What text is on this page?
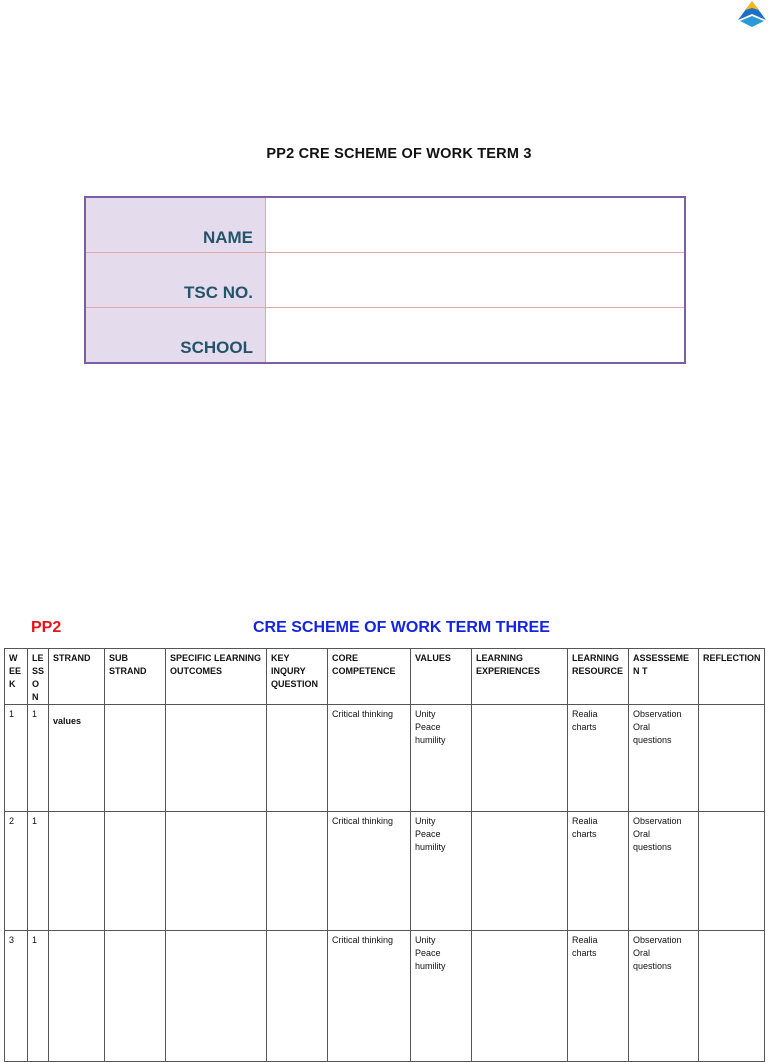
PP2 CRE SCHEME OF WORK TERM 3
NAME	
TSC NO.	
SCHOOL	
PP2	CRE SCHEME OF WORK TERM THREE
W EE K	LE SS O N	STRAND	SUB STRAND	SPECIFIC LEARNING OUTCOMES	KEY INQURY QUESTION	CORE COMPETENCE	VALUES	LEARNING EXPERIENCES	LEARNING RESOURCE	ASSESSEMEN T	REFLECTION
1	1	values				Critical thinking	Unity
Peace
humility		Realia
charts	Observation
Oral
questions	

2	1					Critical thinking	Unity
Peace
humility		Realia
charts	Observation
Oral
questions	

3	1					Critical thinking	Unity
Peace
humility		Realia
charts	Observation
Oral
questions	
